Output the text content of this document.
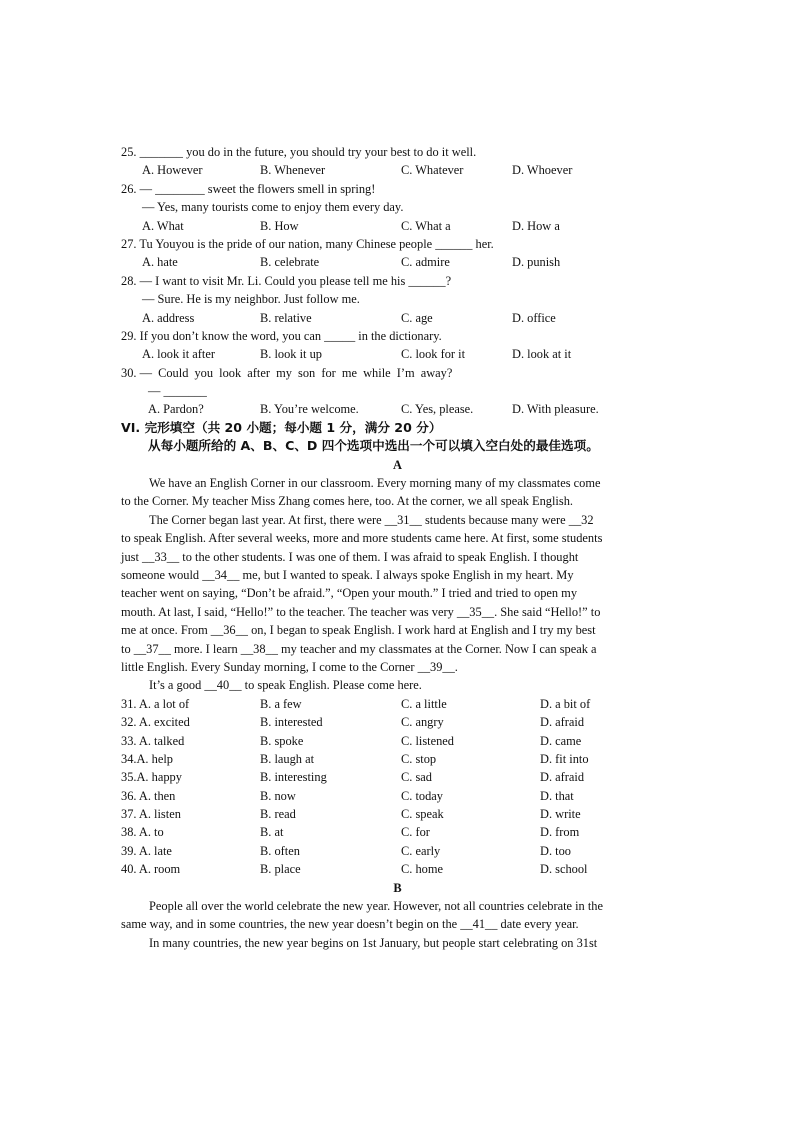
25. _______ you do in the future, you should try your best to do it well.
A. However	B. Whenever	C. Whatever	D. Whoever
26. — ________ sweet the flowers smell in spring!
— Yes, many tourists come to enjoy them every day.
A. What	B. How	C. What a	D. How a
27. Tu Youyou is the pride of our nation, many Chinese people ______ her.
A. hate	B. celebrate	C. admire	D. punish
28. — I want to visit Mr. Li. Could you please tell me his ______?
— Sure. He is my neighbor. Just follow me.
A. address	B. relative	C. age	D. office
29. If you don’t know the word, you can _____ in the dictionary.
A. look it after	B. look it up	C. look for it	D. look at it
30. — Could you look after my son for me while I’m away?
— _______
A. Pardon?	B. You’re welcome.	C. Yes, please.	D. With pleasure.
VI. 完形填空（共 20 小题；每小题 1 分，满分 20 分）
从每小题所给的 A、B、C、D 四个选项中选出一个可以填入空白处的最佳选项。
A
We have an English Corner in our classroom. Every morning many of my classmates come
to the Corner. My teacher Miss Zhang comes here, too. At the corner, we all speak English.
The Corner began last year. At first, there were __31__ students because many were __32
to speak English. After several weeks, more and more students came here. At first, some students
just __33__ to the other students. I was one of them. I was afraid to speak English. I thought
someone would __34__ me, but I wanted to speak. I always spoke English in my heart. My
teacher went on saying, “Don’t be afraid.”, “Open your mouth.” I tried and tried to open my
mouth. At last, I said, “Hello!” to the teacher. The teacher was very __35__. She said “Hello!” to
me at once. From __36__ on, I began to speak English. I work hard at English and I try my best
to __37__ more. I learn __38__ my teacher and my classmates at the Corner. Now I can speak a
little English. Every Sunday morning, I come to the Corner __39__.
It’s a good __40__ to speak English. Please come here.
31. A. a lot of	B. a few	C. a little	D. a bit of
32. A. excited	B. interested	C. angry	D. afraid
33. A. talked	B. spoke	C. listened	D. came
34.A. help	B. laugh at	C. stop	D. fit into
35.A. happy	B. interesting	C. sad	D. afraid
36. A. then	B. now	C. today	D. that
37. A. listen	B. read	C. speak	D. write
38. A. to	B. at	C. for	D. from
39. A. late	B. often	C. early	D. too
40. A. room	B. place	C. home	D. school
B
People all over the world celebrate the new year. However, not all countries celebrate in the
same way, and in some countries, the new year doesn’t begin on the __41__ date every year.
In many countries, the new year begins on 1st January, but people start celebrating on 31st
